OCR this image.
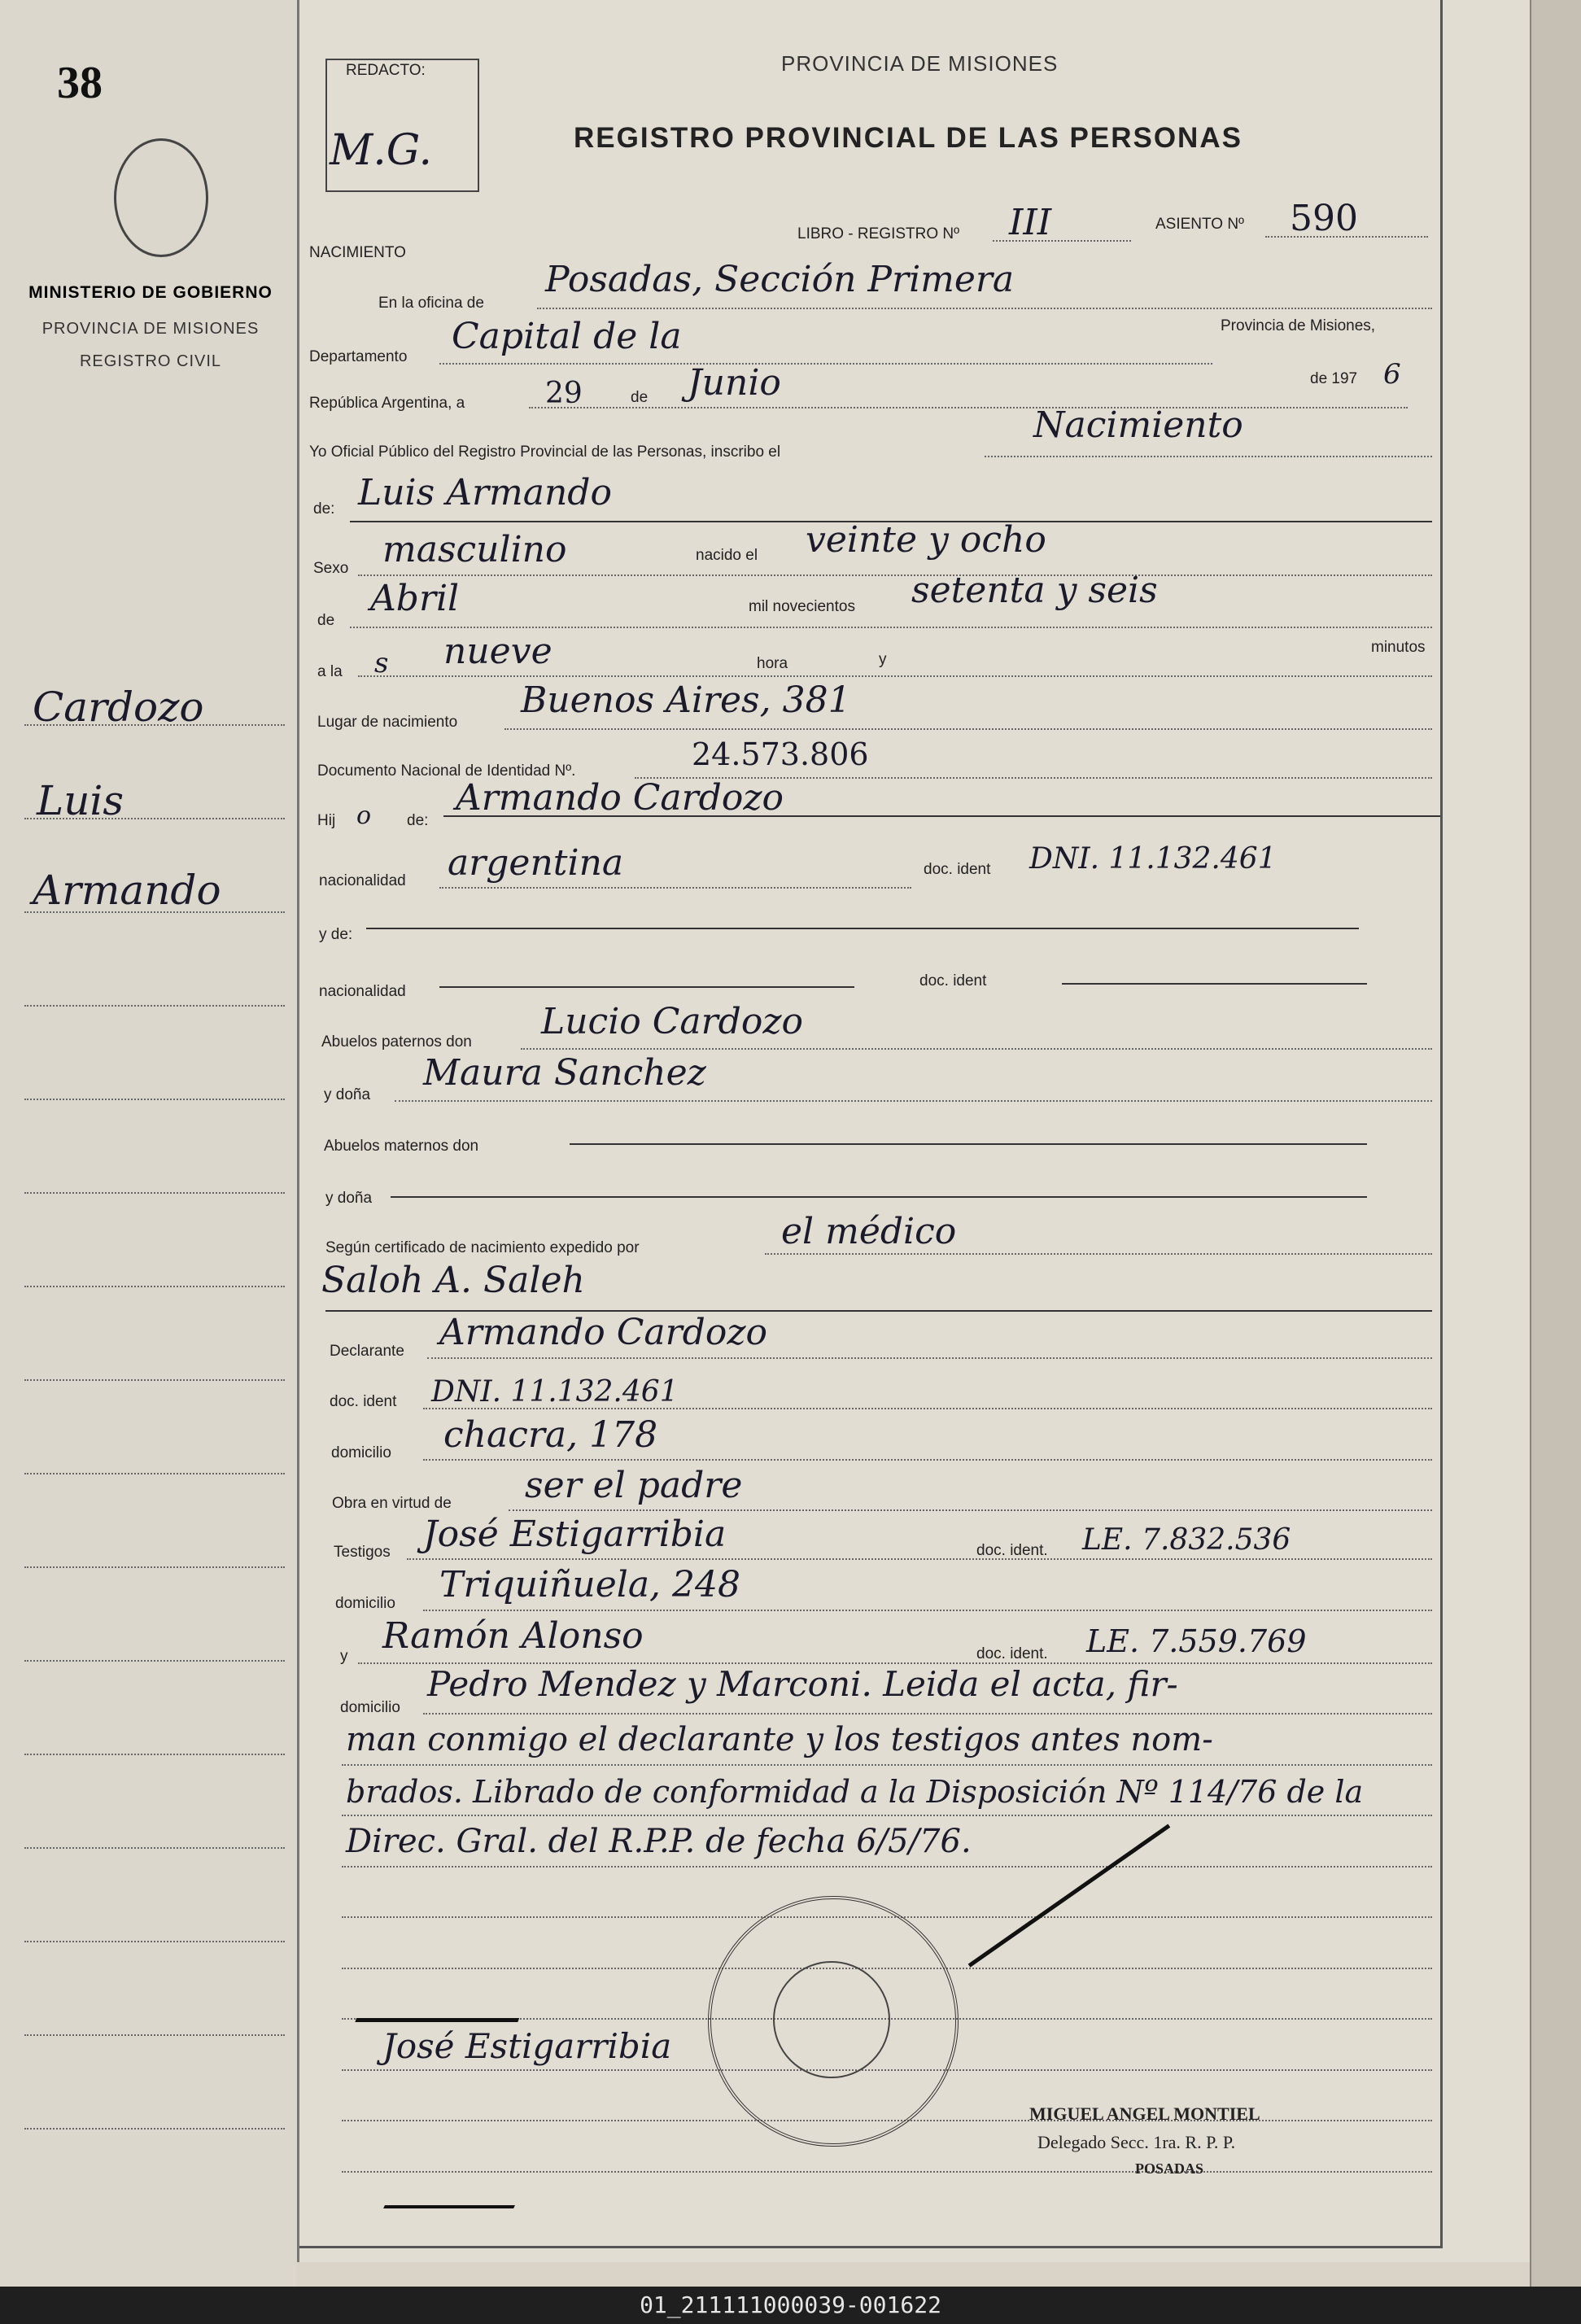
38
MINISTERIO DE GOBIERNO
PROVINCIA DE MISIONES
REGISTRO CIVIL
Cardozo
Luis
Armando
REDACTO:
M.G.
PROVINCIA DE MISIONES
REGISTRO PROVINCIAL DE LAS PERSONAS
LIBRO - REGISTRO Nº III	ASIENTO Nº 590
NACIMIENTO
En la oficina de
Posadas, Sección Primera
Departamento Capital de la	Provincia de Misiones,
República Argentina, a	29	de Junio	de 197 6
Yo Oficial Público del Registro Provincial de las Personas, inscribo el
Nacimiento
de: Luis Armando
Sexo masculino	nacido el veinte y ocho
de
Abril	mil novecientos setenta y seis
a la s nueve	hora	y
minutos
Lugar de nacimiento
Buenos Aires, 381
Documento Nacional de Identidad Nº.	24.573.806
Hij o de:
Armando Cardozo
nacionalidad argentina	doc. ident DNI. 11.132.461
y de:
nacionalidad
doc. ident
Abuelos paternos don Lucio Cardozo
y doña
Maura Sanchez
Abuelos maternos don
y doña
Según certificado de nacimiento expedido por	el médico
Saloh A. Saleh
Declarante Armando Cardozo
doc. ident DNI. 11.132.461
domicilio chacra, 178
Obra en virtud de ser el padre
Testigos José Estigarribia	doc. ident. LE. 7.832.536
domicilio Triquiñuela, 248
y Ramón Alonso	doc. ident. LE. 7.559.769
domicilio
Pedro Mendez y Marconi. Leida el acta, fir-
man conmigo el declarante y los testigos antes nom-
brados. Librado de conformidad a la Disposición Nº 114/76 de la
Direc. Gral. del R.P.P. de fecha 6/5/76.
José Estigarribia
MIGUEL ANGEL MONTIEL
Delegado Secc. 1ra. R. P. P.
POSADAS
01_211111000039-001622
